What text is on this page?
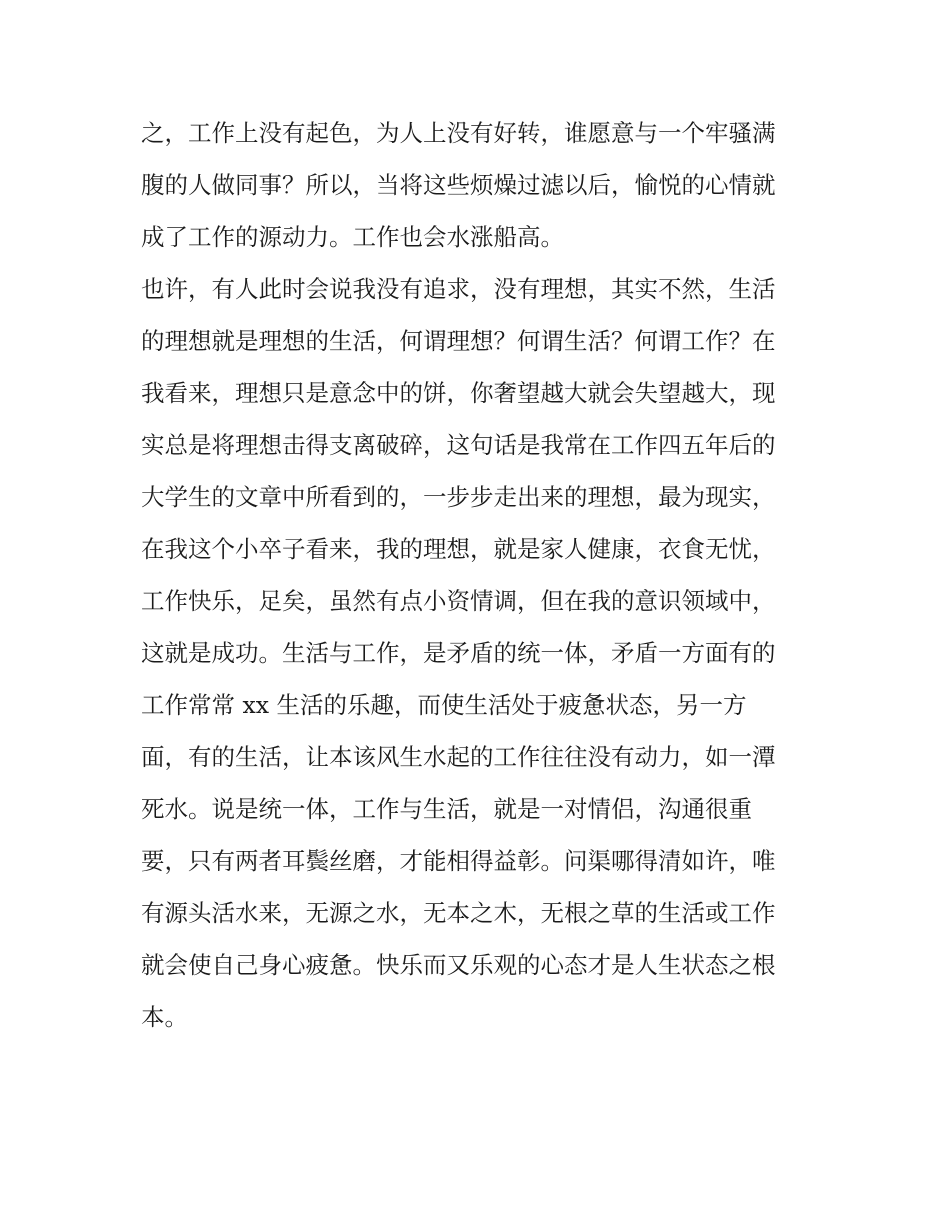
之，工作上没有起色，为人上没有好转，谁愿意与一个牢骚满
腹的人做同事？所以，当将这些烦燥过滤以后，愉悦的心情就
成了工作的源动力。工作也会水涨船高。
也许，有人此时会说我没有追求，没有理想，其实不然，生活
的理想就是理想的生活，何谓理想？何谓生活？何谓工作？在
我看来，理想只是意念中的饼，你奢望越大就会失望越大，现
实总是将理想击得支离破碎，这句话是我常在工作四五年后的
大学生的文章中所看到的，一步步走出来的理想，最为现实，
在我这个小卒子看来，我的理想，就是家人健康，衣食无忧，
工作快乐，足矣，虽然有点小资情调，但在我的意识领域中，
这就是成功。生活与工作，是矛盾的统一体，矛盾一方面有的
工作常常 xx 生活的乐趣，而使生活处于疲惫状态，另一方
面，有的生活，让本该风生水起的工作往往没有动力，如一潭
死水。说是统一体，工作与生活，就是一对情侣，沟通很重
要，只有两者耳鬓丝磨，才能相得益彰。问渠哪得清如许，唯
有源头活水来，无源之水，无本之木，无根之草的生活或工作
就会使自己身心疲惫。快乐而又乐观的心态才是人生状态之根
本。
